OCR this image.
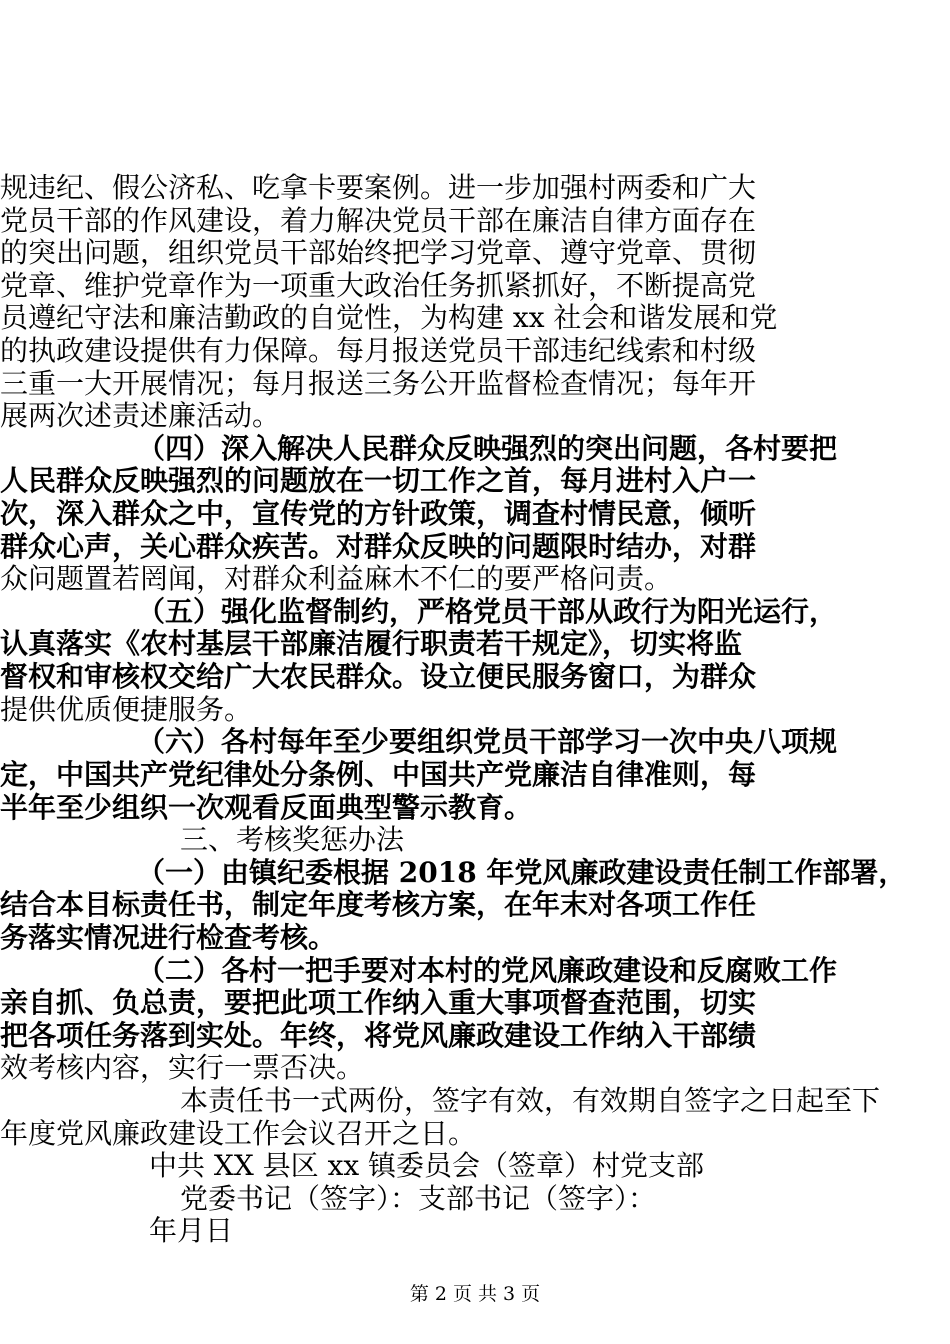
规违纪、假公济私、吃拿卡要案例。进一步加强村两委和广大
党员干部的作风建设，着力解决党员干部在廉洁自律方面存在
的突出问题，组织党员干部始终把学习党章、遵守党章、贯彻
党章、维护党章作为一项重大政治任务抓紧抓好，不断提高党
员遵纪守法和廉洁勤政的自觉性，为构建 xx 社会和谐发展和党
的执政建设提供有力保障。每月报送党员干部违纪线索和村级
三重一大开展情况；每月报送三务公开监督检查情况；每年开
展两次述责述廉活动。
（四）深入解决人民群众反映强烈的突出问题，各村要把
人民群众反映强烈的问题放在一切工作之首，每月进村入户一
次，深入群众之中，宣传党的方针政策，调查村情民意，倾听
群众心声，关心群众疾苦。对群众反映的问题限时结办，对群
众问题置若罔闻，对群众利益麻木不仁的要严格问责。
（五）强化监督制约，严格党员干部从政行为阳光运行，
认真落实《农村基层干部廉洁履行职责若干规定》，切实将监
督权和审核权交给广大农民群众。设立便民服务窗口，为群众
提供优质便捷服务。
（六）各村每年至少要组织党员干部学习一次中央八项规
定，中国共产党纪律处分条例、中国共产党廉洁自律准则，每
半年至少组织一次观看反面典型警示教育。
三、考核奖惩办法
（一）由镇纪委根据 2018 年党风廉政建设责任制工作部署，
结合本目标责任书，制定年度考核方案，在年末对各项工作任
务落实情况进行检查考核。
（二）各村一把手要对本村的党风廉政建设和反腐败工作
亲自抓、负总责，要把此项工作纳入重大事项督查范围，切实
把各项任务落到实处。年终，将党风廉政建设工作纳入干部绩
效考核内容，实行一票否决。
本责任书一式两份，签字有效，有效期自签字之日起至下
年度党风廉政建设工作会议召开之日。
中共 XX 县区 xx 镇委员会（签章）村党支部
党委书记（签字）：支部书记（签字）：
年月日
第 2 页 共 3 页
